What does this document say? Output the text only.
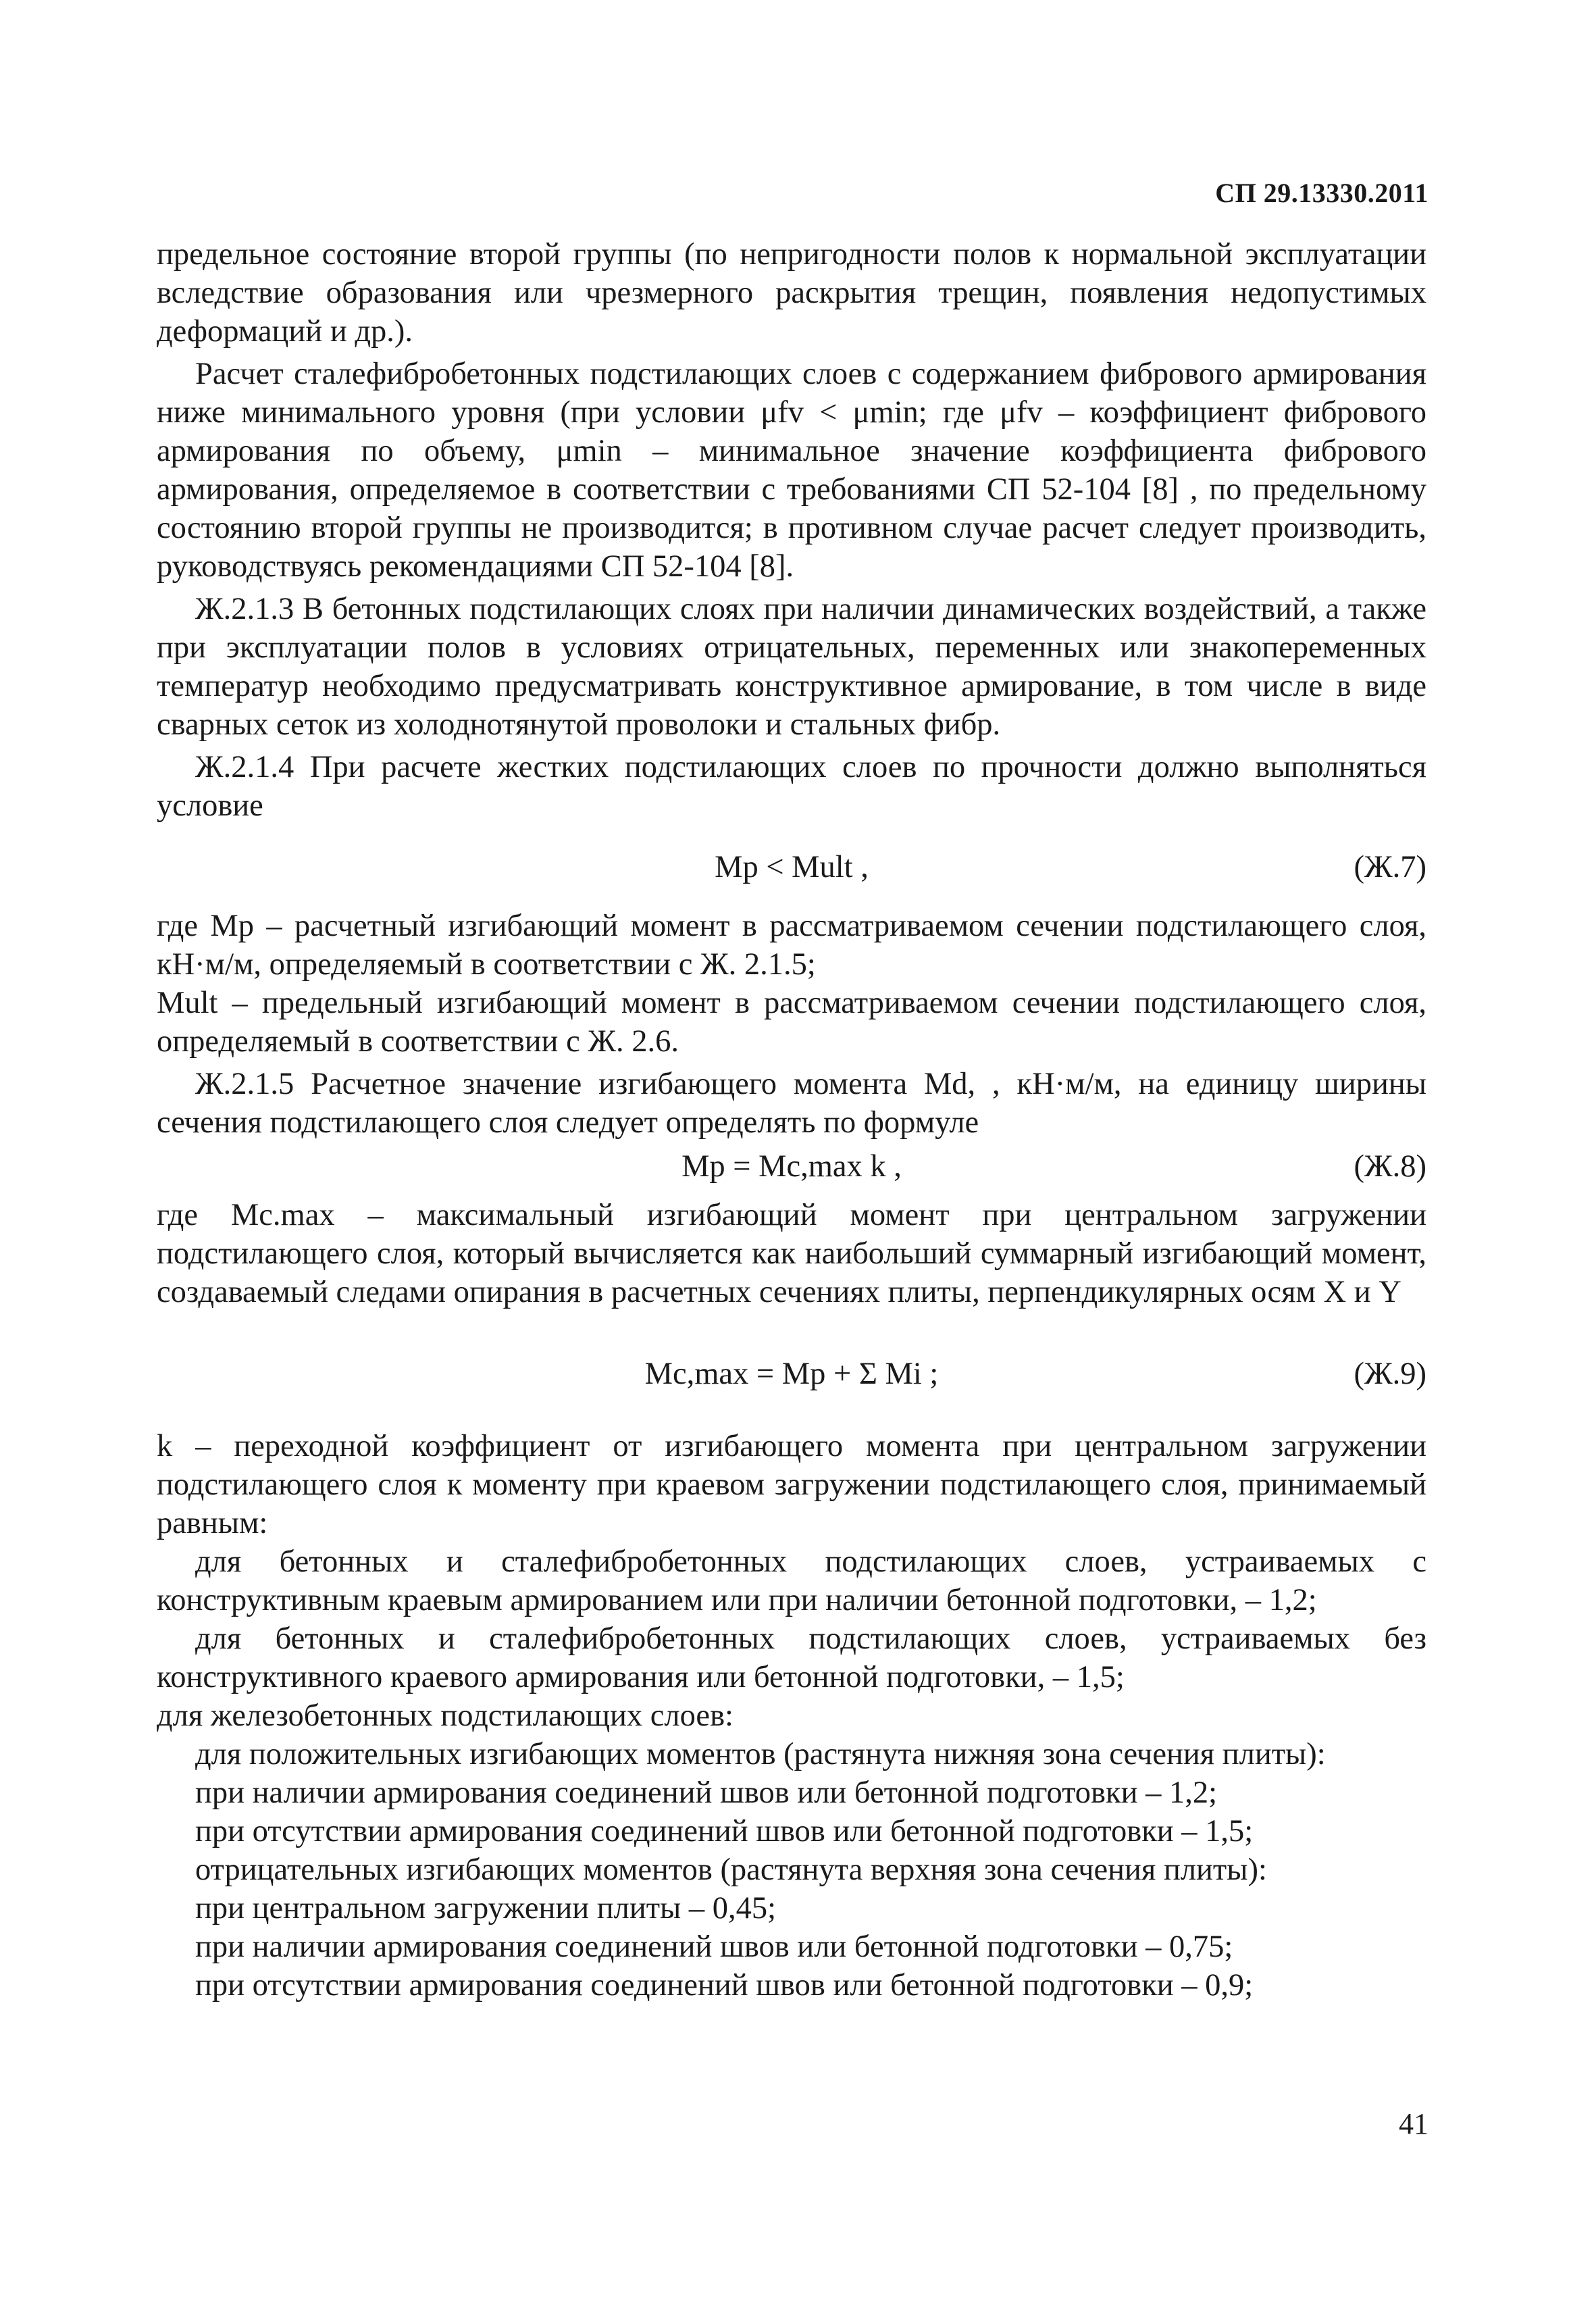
СП 29.13330.2011

предельное состояние второй группы (по непригодности полов к нормальной эксплуатации вследствие образования или чрезмерного раскрытия трещин, появления недопустимых деформаций и др.).

Расчет сталефибробетонных подстилающих слоев с содержанием фибрового армирования ниже минимального уровня (при условии μfv < μmin; где μfv – коэффициент фибрового армирования по объему, μmin – минимальное значение коэффициента фибрового армирования, определяемое в соответствии с требованиями СП 52-104 [8] , по предельному состоянию второй группы не производится; в противном случае расчет следует производить, руководствуясь рекомендациями СП 52-104 [8].

Ж.2.1.3 В бетонных подстилающих слоях при наличии динамических воздействий, а также при эксплуатации полов в условиях отрицательных, переменных или знакопеременных температур необходимо предусматривать конструктивное армирование, в том числе в виде сварных сеток из холоднотянутой проволоки и стальных фибр.

Ж.2.1.4 При расчете жестких подстилающих слоев по прочности должно выполняться условие

Mp < Mult ,	(Ж.7)

где Mp – расчетный изгибающий момент в рассматриваемом сечении подстилающего слоя, кН·м/м, определяемый в соответствии с Ж. 2.1.5;

Mult – предельный изгибающий момент в рассматриваемом сечении подстилающего слоя, определяемый в соответствии с Ж. 2.6.

Ж.2.1.5 Расчетное значение изгибающего момента Md, , кН·м/м, на единицу ширины сечения подстилающего слоя следует определять по формуле

Mp = Mc,max k ,	(Ж.8)

где Mc.max – максимальный изгибающий момент при центральном загружении подстилающего слоя, который вычисляется как наибольший суммарный изгибающий момент, создаваемый следами опирания в расчетных сечениях плиты, перпендикулярных осям X и Y

Mc,max = Mp + Σ Mi ;	(Ж.9)

k – переходной коэффициент от изгибающего момента при центральном загружении подстилающего слоя к моменту при краевом загружении подстилающего слоя, принимаемый равным:

для бетонных и сталефибробетонных подстилающих слоев, устраиваемых с конструктивным краевым армированием или при наличии бетонной подготовки, – 1,2;

для бетонных и сталефибробетонных подстилающих слоев, устраиваемых без конструктивного краевого армирования или бетонной подготовки, – 1,5;

для железобетонных подстилающих слоев:

для положительных изгибающих моментов (растянута нижняя зона сечения плиты):

при наличии армирования соединений швов или бетонной подготовки – 1,2;

при отсутствии армирования соединений швов или бетонной подготовки – 1,5;

отрицательных изгибающих моментов (растянута верхняя зона сечения плиты):

при центральном загружении плиты – 0,45;

при наличии армирования соединений швов или бетонной подготовки – 0,75;

при отсутствии армирования соединений швов или бетонной подготовки – 0,9;

41
